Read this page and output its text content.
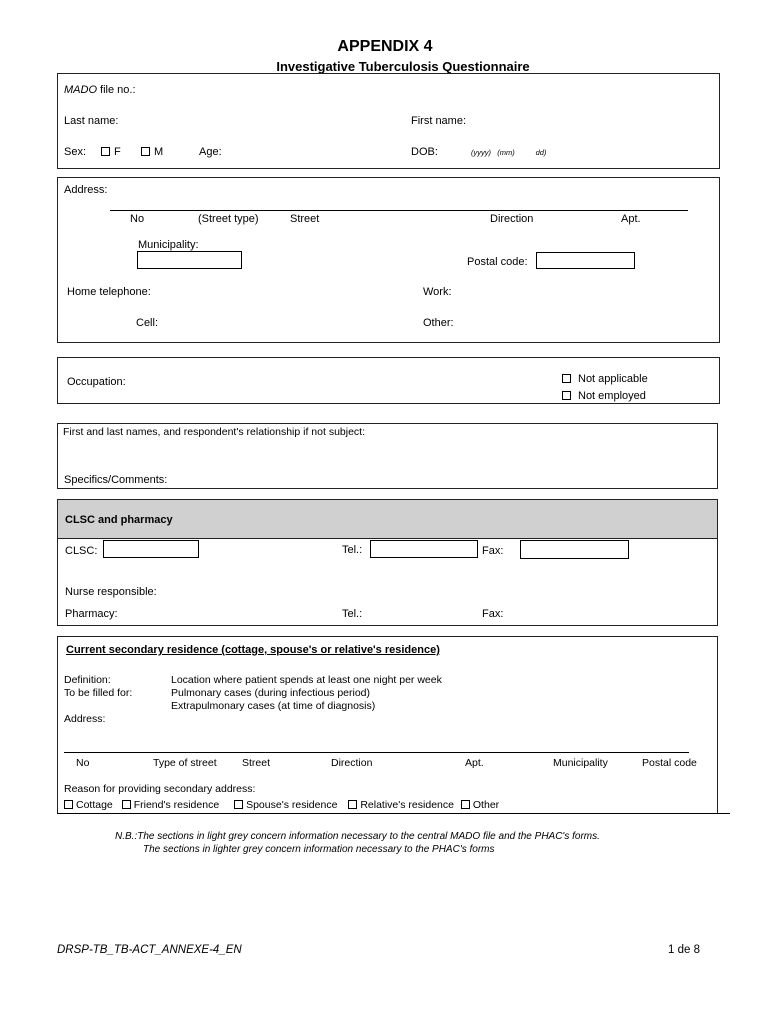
APPENDIX 4
Investigative Tuberculosis Questionnaire
MADO file no.:
Last name:	First name:
Sex:	F	M	Age:	DOB:	(yyyy)   (mm)          dd)
Address:
No	(Street type)	Street	Direction	Apt.
Municipality:
Postal code:
Home telephone:	Work:
Cell:	Other:
Occupation:	Not applicable
Not employed
First and last names, and respondent's relationship if not subject:
Specifics/Comments:
CLSC and pharmacy
CLSC:	Tel.:	Fax:
Nurse responsible:
Pharmacy:	Tel.:	Fax:
Current secondary residence (cottage, spouse's or relative's residence)
Definition:	Location where patient spends at least one night per week
To be filled for:	Pulmonary cases (during infectious period)
Extrapulmonary cases (at time of diagnosis)
Address:
No	Type of street Street	Direction	Apt.	Municipality	Postal code
Reason for providing secondary address:
Cottage Friend's residence	Spouse's residence Relative's residence Other
N.B.:The sections in light grey concern information necessary to the central MADO file and the PHAC's forms.
The sections in lighter grey concern information necessary to the PHAC's forms
DRSP-TB_TB-ACT_ANNEXE-4_EN	1 de 8
